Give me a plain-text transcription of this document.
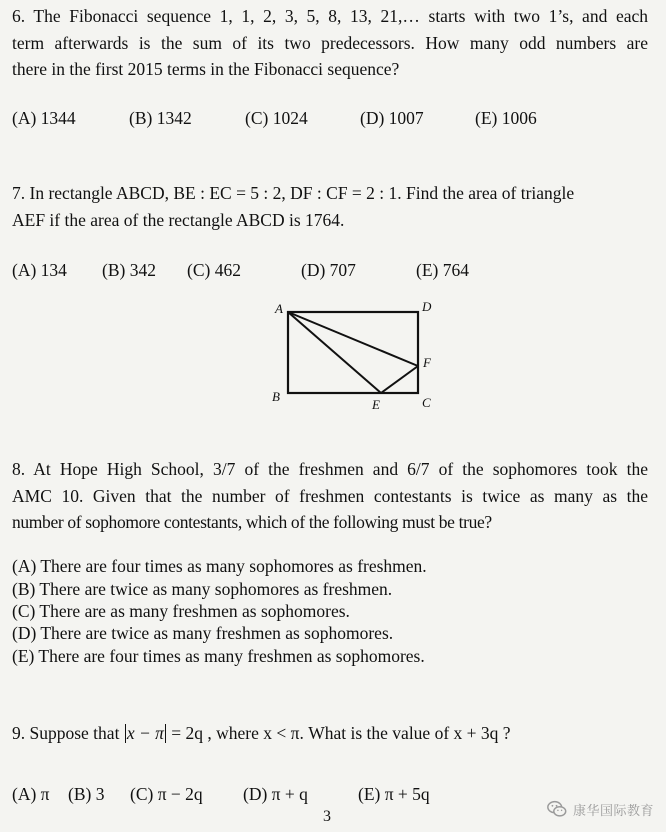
6. The Fibonacci sequence 1, 1, 2, 3, 5, 8, 13, 21,… starts with two 1’s, and each
term afterwards is the sum of its two predecessors. How many odd numbers are
there in the first 2015 terms in the Fibonacci sequence?
(A) 1344	(B) 1342	(C) 1024	(D) 1007	(E) 1006
7. In rectangle ABCD, BE : EC = 5 : 2, DF : CF = 2 : 1. Find the area of triangle
AEF if the area of the rectangle ABCD is 1764.
(A) 134 (B) 342 (C) 462	(D) 707	(E) 764
A	D
B	C
E
F
8. At Hope High School, 3/7 of the freshmen and 6/7 of the sophomores took the
AMC 10. Given that the number of freshmen contestants is twice as many as the
number of sophomore contestants, which of the following must be true?
(A) There are four times as many sophomores as freshmen.
(B) There are twice as many sophomores as freshmen.
(C) There are as many freshmen as sophomores.
(D) There are twice as many freshmen as sophomores.
(E) There are four times as many freshmen as sophomores.
9. Suppose that x − π = 2q , where x < π. What is the value of x + 3q ?
(A) π (B) 3 (C) π − 2q (D) π + q	(E) π + 5q
3	康华国际教育
